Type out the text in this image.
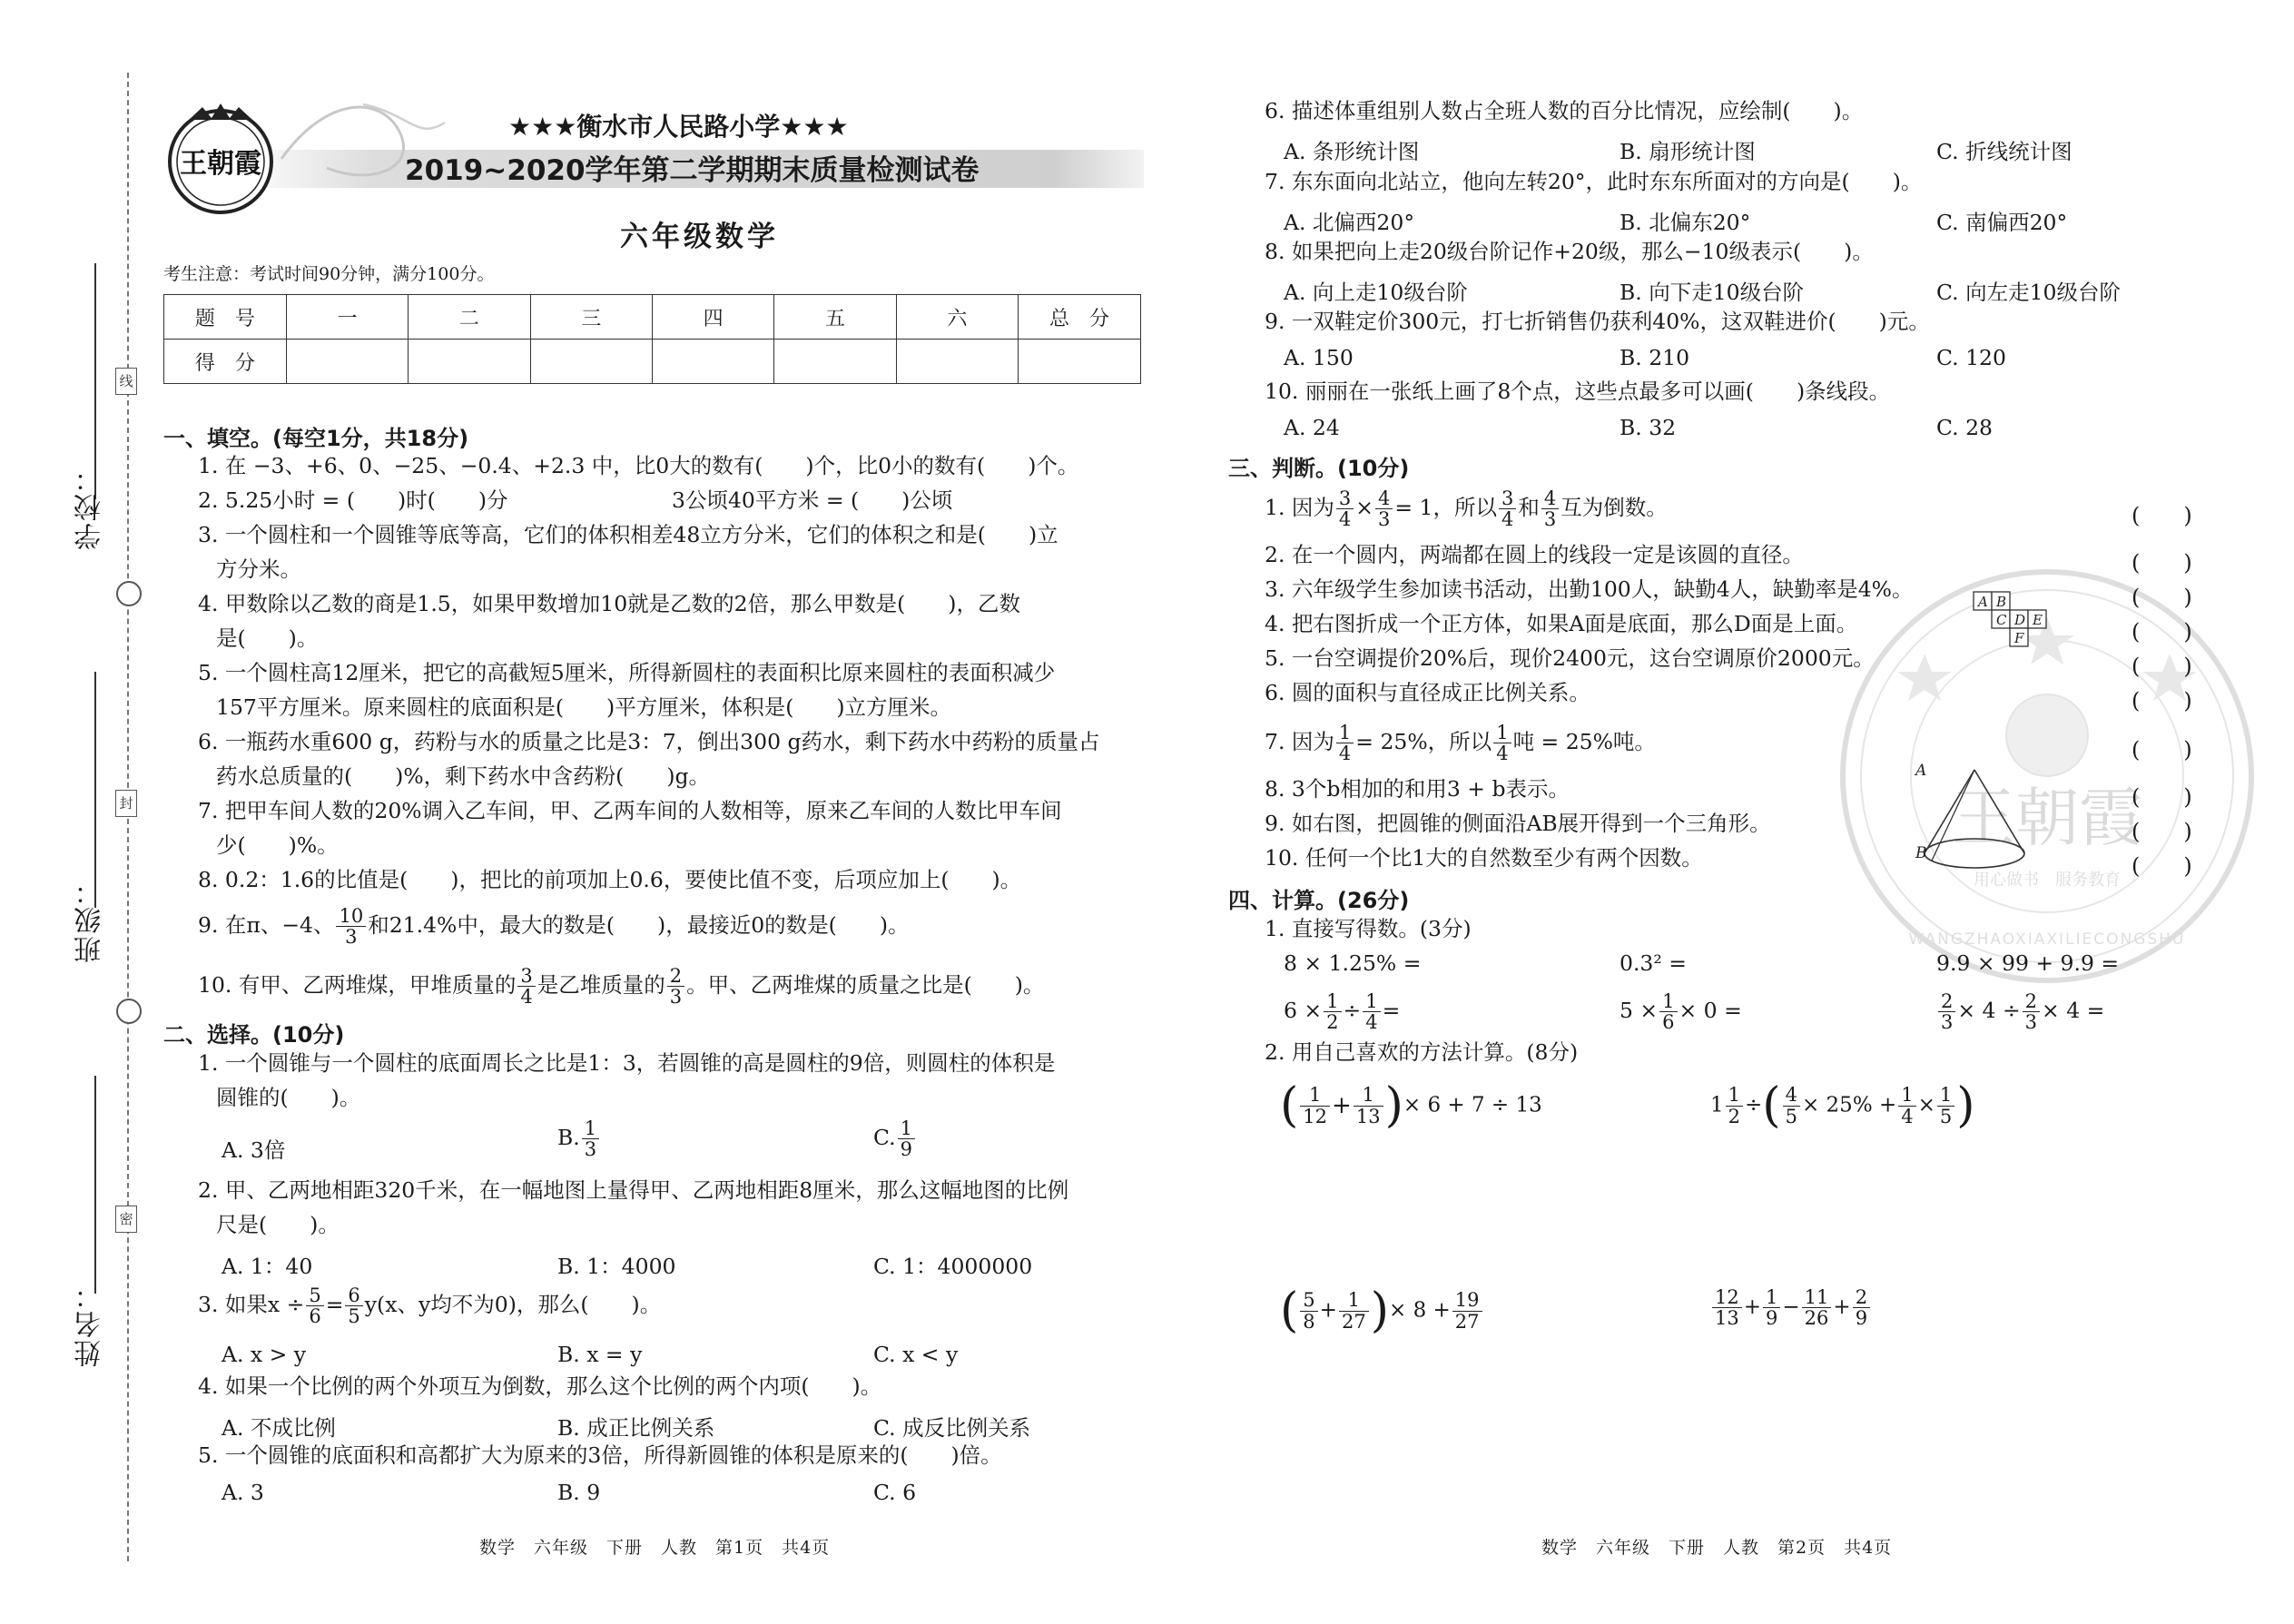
学校：
班级：
姓名：
线
封
密
王朝霞
★★★衡水市人民路小学★★★
2019~2020学年第二学期期末质量检测试卷
六年级数学
考生注意：考试时间90分钟，满分100分。
题　号	一	二	三	四	五	六	总　分
得　分							
一、填空。(每空1分，共18分)
1. 在 −3、+6、0、−25、−0.4、+2.3 中，比0大的数有(　　)个，比0小的数有(　　)个。
2. 5.25小时 = (　　)时(　　)分	3公顷40平方米 = (　　)公顷
3. 一个圆柱和一个圆锥等底等高，它们的体积相差48立方分米，它们的体积之和是(　　)立
方分米。
4. 甲数除以乙数的商是1.5，如果甲数增加10就是乙数的2倍，那么甲数是(　　)，乙数
是(　　)。
5. 一个圆柱高12厘米，把它的高截短5厘米，所得新圆柱的表面积比原来圆柱的表面积减少
157平方厘米。原来圆柱的底面积是(　　)平方厘米，体积是(　　)立方厘米。
6. 一瓶药水重600 g，药粉与水的质量之比是3：7，倒出300 g药水，剩下药水中药粉的质量占
药水总质量的(　　)%，剩下药水中含药粉(　　)g。
7. 把甲车间人数的20%调入乙车间，甲、乙两车间的人数相等，原来乙车间的人数比甲车间
少(　　)%。
8. 0.2：1.6的比值是(　　)，把比的前项加上0.6，要使比值不变，后项应加上(　　)。
9. 在π、−4、 $\frac{10}{3}$ 和21.4%中，最大的数是(　　)，最接近0的数是(　　)。
10. 有甲、乙两堆煤，甲堆质量的 $\frac{3}{4}$ 是乙堆质量的 $\frac{2}{3}$ 。甲、乙两堆煤的质量之比是(　　)。
二、选择。(10分)
1. 一个圆锥与一个圆柱的底面周长之比是1：3，若圆锥的高是圆柱的9倍，则圆柱的体积是
圆锥的(　　)。
A. 3倍	B. $\frac{1}{3}$	C. $\frac{1}{9}$
2. 甲、乙两地相距320千米，在一幅地图上量得甲、乙两地相距8厘米，那么这幅地图的比例
尺是(　　)。
A. 1：40	B. 1：4000	C. 1：4000000
3. 如果$x \div \frac{5}{6} = \frac{6}{5} y(x$、y均不为0)，那么(　　)。
A. x > y	B. x = y	C. x < y
4. 如果一个比例的两个外项互为倒数，那么这个比例的两个内项(　　)。
A. 不成比例	B. 成正比例关系	C. 成反比例关系
5. 一个圆锥的底面积和高都扩大为原来的3倍，所得新圆锥的体积是原来的(　　)倍。
A. 3	B. 9	C. 6
数学　六年级　下册　人教　第1页　共4页
王朝霞
用心做书　服务教育
WANGZHAOXIAXILIECONGSHU
6. 描述体重组别人数占全班人数的百分比情况，应绘制(　　)。
A. 条形统计图	B. 扇形统计图	C. 折线统计图
7. 东东面向北站立，他向左转20°，此时东东所面对的方向是(　　)。
A. 北偏西20°	B. 北偏东20°	C. 南偏西20°
8. 如果把向上走20级台阶记作+20级，那么−10级表示(　　)。
A. 向上走10级台阶	B. 向下走10级台阶	C. 向左走10级台阶
9. 一双鞋定价300元，打七折销售仍获利40%，这双鞋进价(　　)元。
A. 150	B. 210	C. 120
10. 丽丽在一张纸上画了8个点，这些点最多可以画(　　)条线段。
A. 24	B. 32	C. 28
三、判断。(10分)
1. 因为 $\frac{3}{4} \times \frac{4}{3} = 1$，所以 $\frac{3}{4}$ 和 $\frac{4}{3}$ 互为倒数。	(　　)
2. 在一个圆内，两端都在圆上的线段一定是该圆的直径。	(　　)
3. 六年级学生参加读书活动，出勤100人，缺勤4人，缺勤率是4%。	(　　)
4. 把右图折成一个正方体，如果A面是底面，那么D面是上面。	(　　)
5. 一台空调提价20%后，现价2400元，这台空调原价2000元。	(　　)
6. 圆的面积与直径成正比例关系。	(　　)
7. 因为 $\frac{1}{4} = 25\%$，所以 $\frac{1}{4}$ 吨 = 25%吨。	(　　)
8. 3个b相加的和用3 + b表示。	(　　)
9. 如右图，把圆锥的侧面沿AB展开得到一个三角形。	(　　)
10. 任何一个比1大的自然数至少有两个因数。	(　　)
A B
C D E
F
A
B
四、计算。(26分)
1. 直接写得数。(3分)
8 × 1.25% =	0.3² =	9.9 × 99 + 9.9 =
$6 \times \frac{1}{2} \div \frac{1}{4}$ =	$5 \times \frac{1}{6} \times 0$ =	$\frac{2}{3} \times 4 \div \frac{2}{3} \times 4$ =
2. 用自己喜欢的方法计算。(8分)
( $\frac{1}{12} + \frac{1}{13}$ )× 6 + 7 ÷ 13	$1 \frac{1}{2}$ ÷( $\frac{4}{5} \times 25\% + \frac{1}{4} \times \frac{1}{5}$ )
( $\frac{5}{8} + \frac{1}{27}$ )× $8 + \frac{19}{27}$	$\frac{12}{13} + \frac{1}{9} - \frac{11}{26} + \frac{2}{9}$
数学　六年级　下册　人教　第2页　共4页
